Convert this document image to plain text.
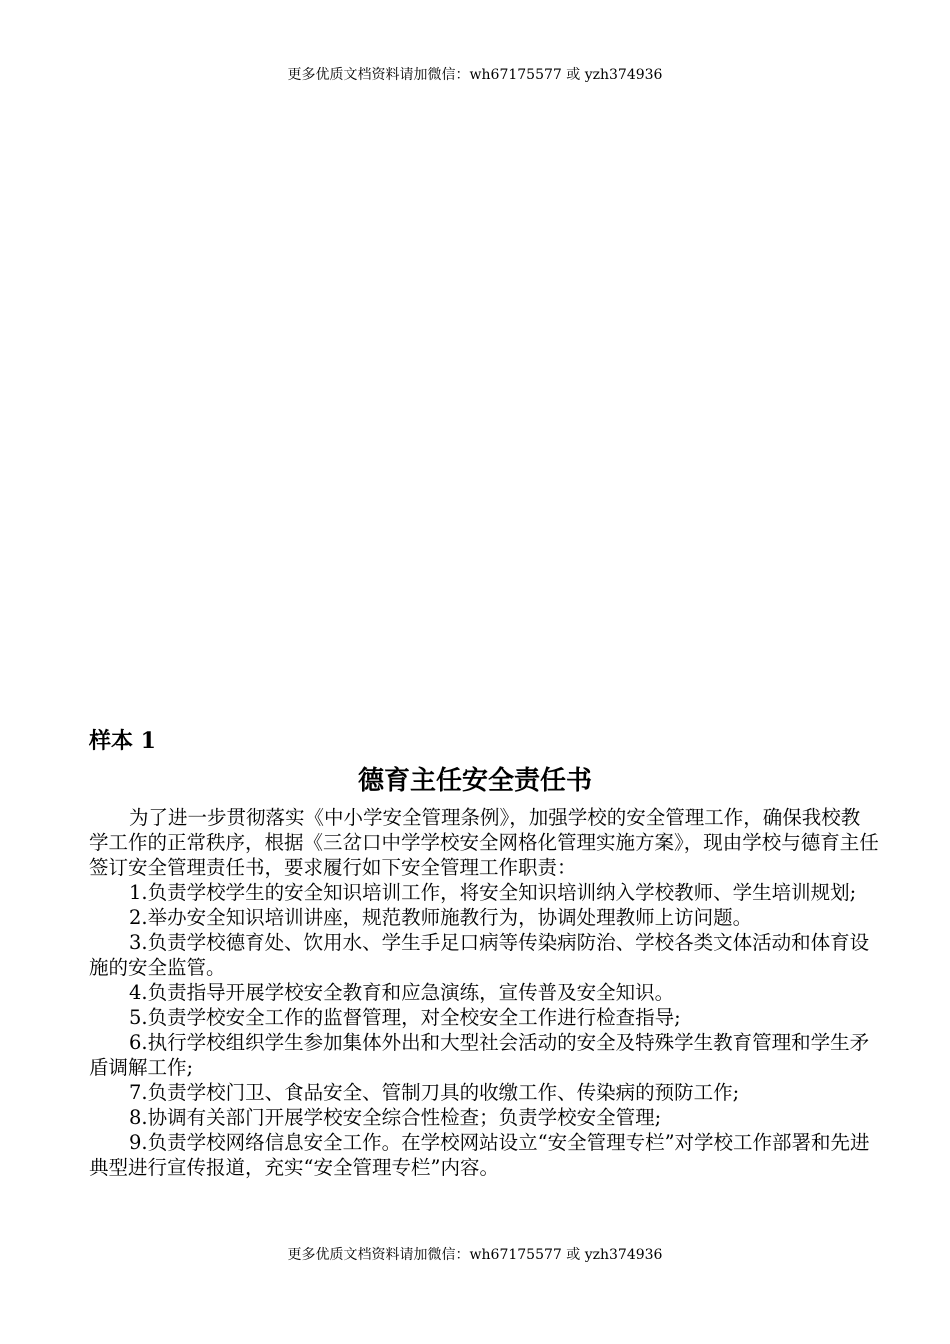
更多优质文档资料请加微信：wh67175577 或 yzh374936
样本 1
德育主任安全责任书

为了进一步贯彻落实《中小学安全管理条例》，加强学校的安全管理工作，确保我校教学工作的正常秩序，根据《三岔口中学学校安全网格化管理实施方案》，现由学校与德育主任签订安全管理责任书，要求履行如下安全管理工作职责：

1.负责学校学生的安全知识培训工作，将安全知识培训纳入学校教师、学生培训规划;

2.举办安全知识培训讲座，规范教师施教行为，协调处理教师上访问题。

3.负责学校德育处、饮用水、学生手足口病等传染病防治、学校各类文体活动和体育设施的安全监管。

4.负责指导开展学校安全教育和应急演练，宣传普及安全知识。

5.负责学校安全工作的监督管理，对全校安全工作进行检查指导;

6.执行学校组织学生参加集体外出和大型社会活动的安全及特殊学生教育管理和学生矛盾调解工作;

7.负责学校门卫、食品安全、管制刀具的收缴工作、传染病的预防工作;

8.协调有关部门开展学校安全综合性检查；负责学校安全管理;

9.负责学校网络信息安全工作。在学校网站设立“安全管理专栏”对学校工作部署和先进典型进行宣传报道，充实“安全管理专栏”内容。

更多优质文档资料请加微信：wh67175577 或 yzh374936
